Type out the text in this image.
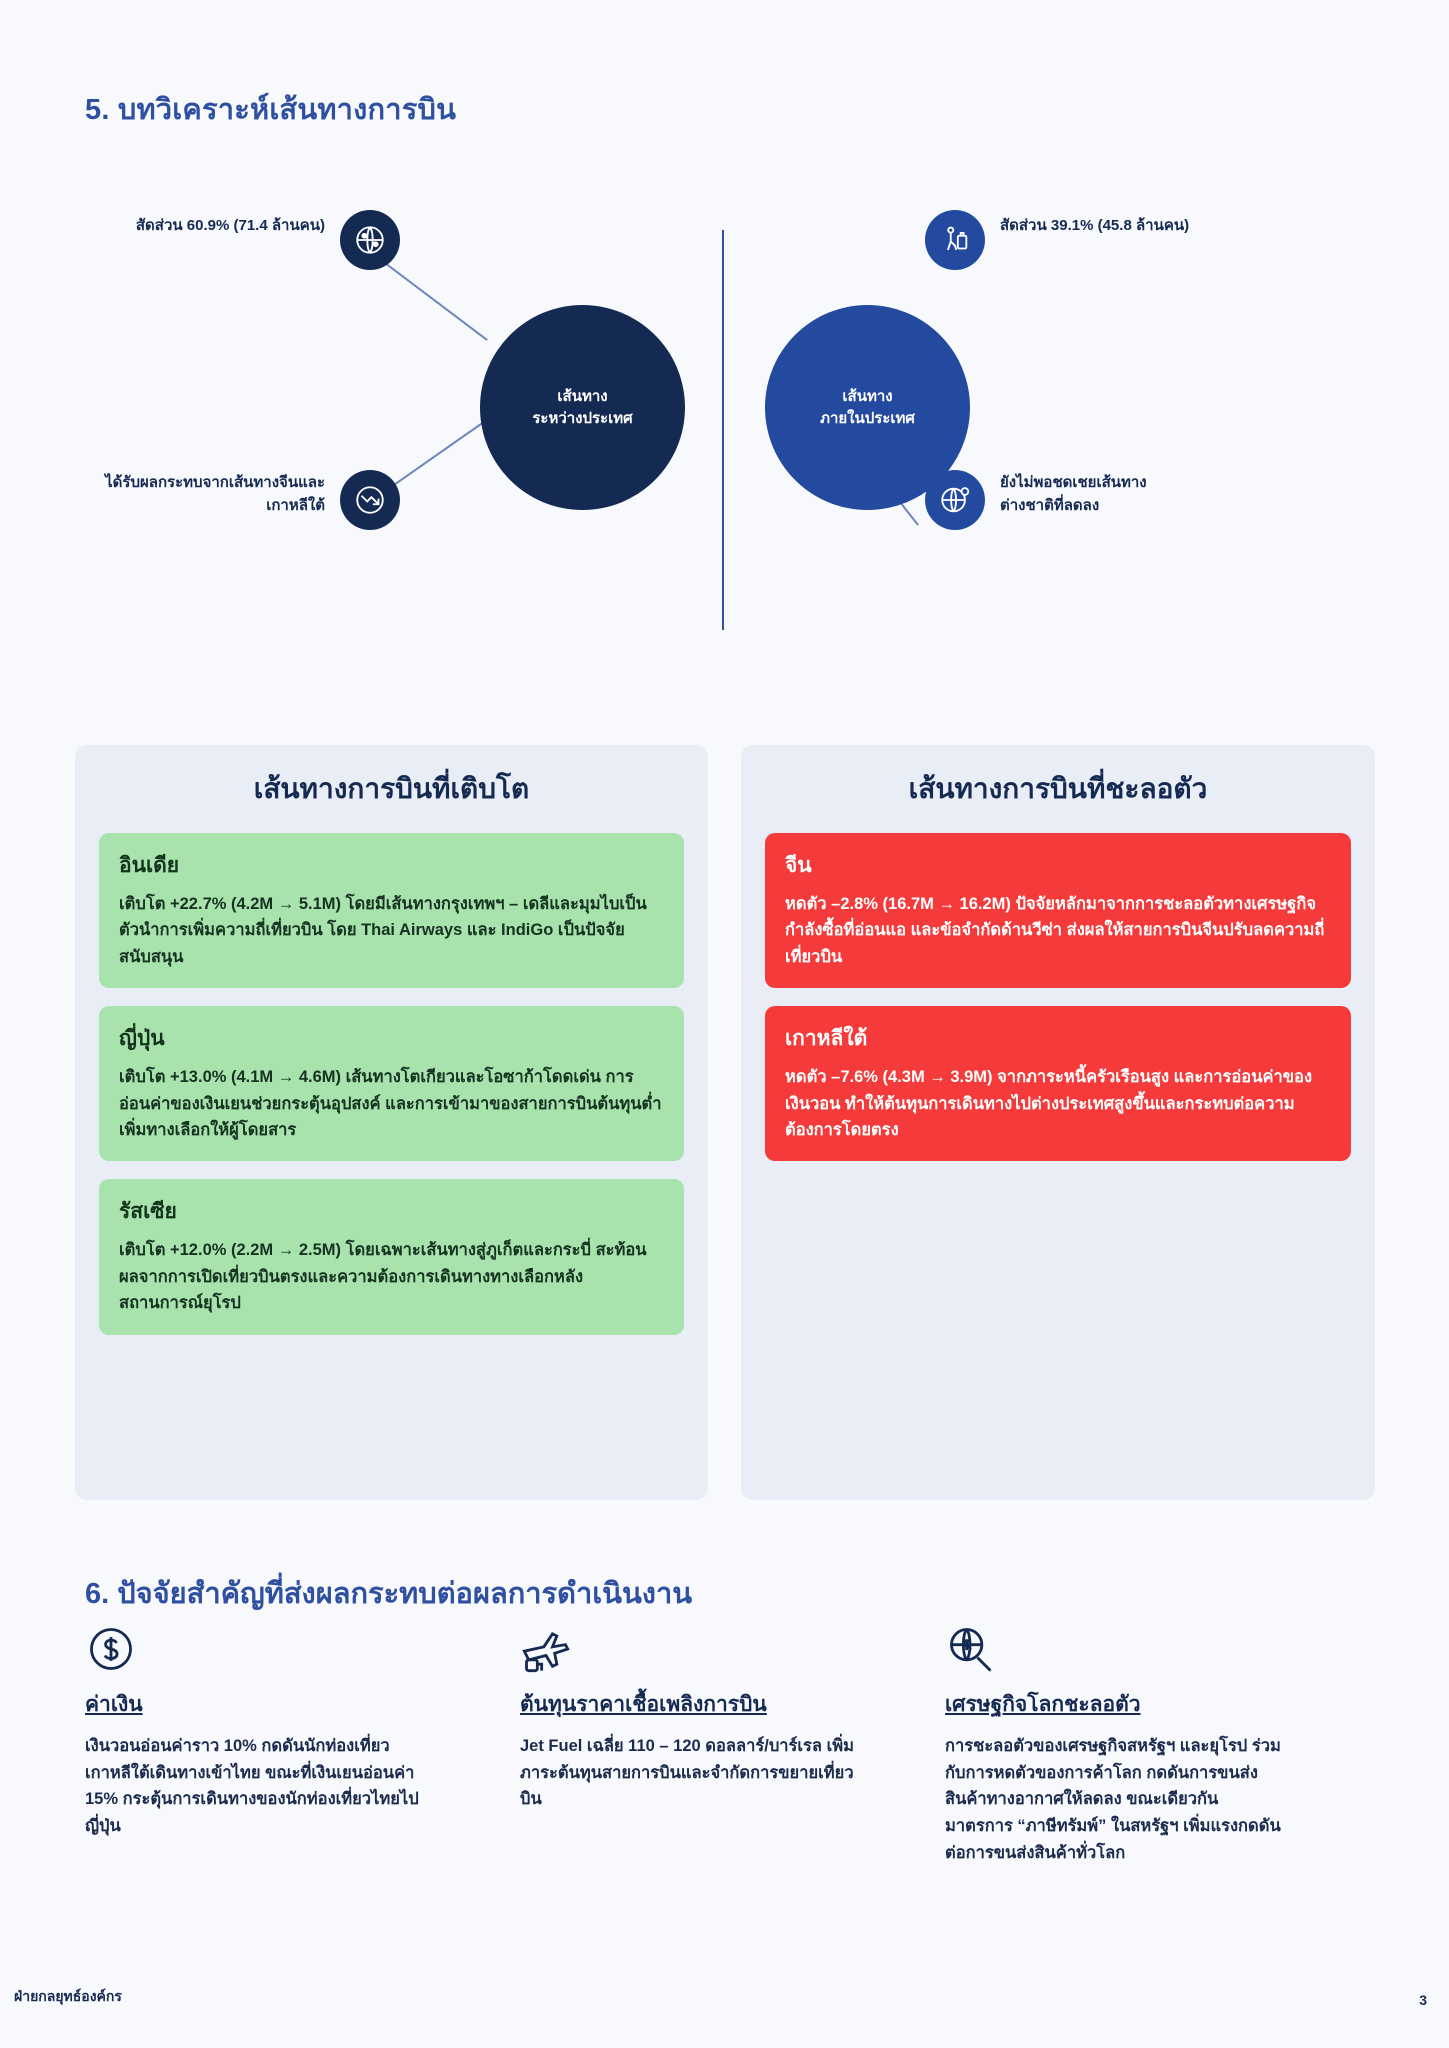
5. บทวิเคราะห์เส้นทางการบิน
เส้นทาง
ระหว่างประเทศ
เส้นทาง
ภายในประเทศ
สัดส่วน 60.9% (71.4 ล้านคน)
ได้รับผลกระทบจากเส้นทางจีนและ
เกาหลีใต้
สัดส่วน 39.1% (45.8 ล้านคน)
ยังไม่พอชดเชยเส้นทาง
ต่างชาติที่ลดลง
เส้นทางการบินที่เติบโต
อินเดีย
เติบโต +22.7% (4.2M → 5.1M) โดยมีเส้นทางกรุงเทพฯ – เดลีและมุมไบเป็นตัวนำการเพิ่มความถี่เที่ยวบิน โดย Thai Airways และ IndiGo เป็นปัจจัยสนับสนุน
ญี่ปุ่น
เติบโต +13.0% (4.1M → 4.6M) เส้นทางโตเกียวและโอซาก้าโดดเด่น การอ่อนค่าของเงินเยนช่วยกระตุ้นอุปสงค์ และการเข้ามาของสายการบินต้นทุนต่ำเพิ่มทางเลือกให้ผู้โดยสาร
รัสเซีย
เติบโต +12.0% (2.2M → 2.5M) โดยเฉพาะเส้นทางสู่ภูเก็ตและกระบี่ สะท้อนผลจากการเปิดเที่ยวบินตรงและความต้องการเดินทางทางเลือกหลังสถานการณ์ยุโรป
เส้นทางการบินที่ชะลอตัว
จีน
หดตัว –2.8% (16.7M → 16.2M) ปัจจัยหลักมาจากการชะลอตัวทางเศรษฐกิจ กำลังซื้อที่อ่อนแอ และข้อจำกัดด้านวีซ่า ส่งผลให้สายการบินจีนปรับลดความถี่เที่ยวบิน
เกาหลีใต้
หดตัว –7.6% (4.3M → 3.9M) จากภาระหนี้ครัวเรือนสูง และการอ่อนค่าของเงินวอน ทำให้ต้นทุนการเดินทางไปต่างประเทศสูงขึ้นและกระทบต่อความต้องการโดยตรง
6. ปัจจัยสำคัญที่ส่งผลกระทบต่อผลการดำเนินงาน
ค่าเงิน
เงินวอนอ่อนค่าราว 10% กดดันนักท่องเที่ยวเกาหลีใต้เดินทางเข้าไทย ขณะที่เงินเยนอ่อนค่า 15% กระตุ้นการเดินทางของนักท่องเที่ยวไทยไปญี่ปุ่น
ต้นทุนราคาเชื้อเพลิงการบิน
Jet Fuel เฉลี่ย 110 – 120 ดอลลาร์/บาร์เรล เพิ่มภาระต้นทุนสายการบินและจำกัดการขยายเที่ยวบิน
เศรษฐกิจโลกชะลอตัว
การชะลอตัวของเศรษฐกิจสหรัฐฯ และยุโรป ร่วมกับการหดตัวของการค้าโลก กดดันการขนส่งสินค้าทางอากาศให้ลดลง ขณะเดียวกัน มาตรการ “ภาษีทรัมพ์” ในสหรัฐฯ เพิ่มแรงกดดันต่อการขนส่งสินค้าทั่วโลก
ฝ่ายกลยุทธ์องค์กร	3
